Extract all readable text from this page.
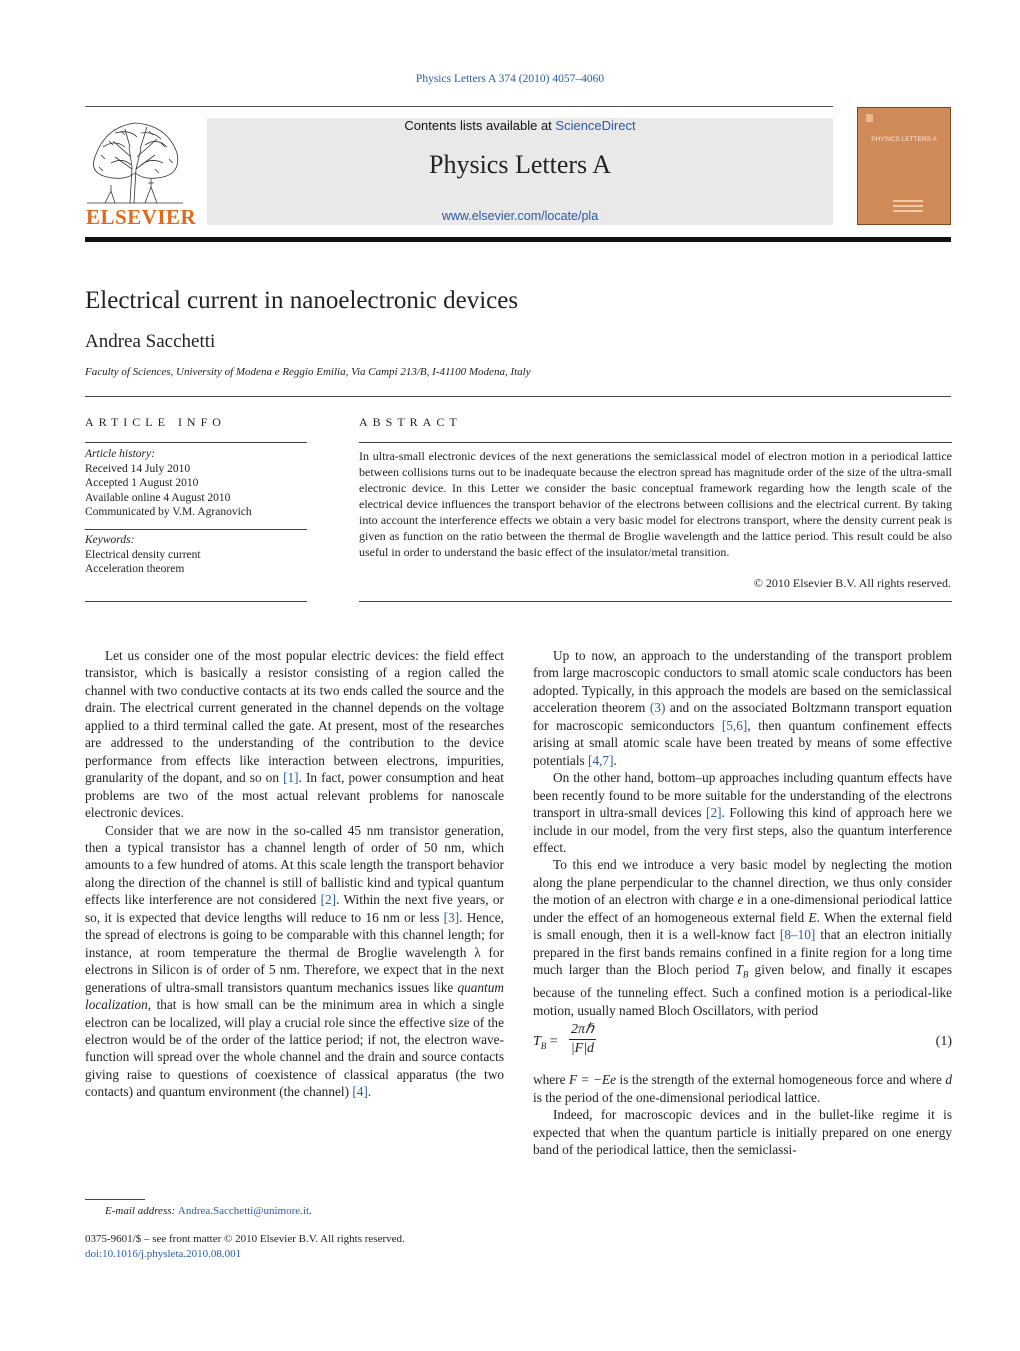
Physics Letters A 374 (2010) 4057–4060
ELSEVIER
Contents lists available at ScienceDirect
Physics Letters A
www.elsevier.com/locate/pla
PHYSICS LETTERS A
Electrical current in nanoelectronic devices
Andrea Sacchetti
Faculty of Sciences, University of Modena e Reggio Emilia, Via Campi 213/B, I-41100 Modena, Italy
ARTICLE INFO
Article history:
Received 14 July 2010
Accepted 1 August 2010
Available online 4 August 2010
Communicated by V.M. Agranovich
Keywords:
Electrical density current
Acceleration theorem
ABSTRACT
In ultra-small electronic devices of the next generations the semiclassical model of electron motion in a periodical lattice between collisions turns out to be inadequate because the electron spread has magnitude order of the size of the ultra-small electronic device. In this Letter we consider the basic conceptual framework regarding how the length scale of the electrical device influences the transport behavior of the electrons between collisions and the electrical current. By taking into account the interference effects we obtain a very basic model for electrons transport, where the density current peak is given as function on the ratio between the thermal de Broglie wavelength and the lattice period. This result could be also useful in order to understand the basic effect of the insulator/metal transition.
© 2010 Elsevier B.V. All rights reserved.

Let us consider one of the most popular electric devices: the field effect transistor, which is basically a resistor consisting of a region called the channel with two conductive contacts at its two ends called the source and the drain. The electrical current generated in the channel depends on the voltage applied to a third terminal called the gate. At present, most of the researches are addressed to the understanding of the contribution to the device performance from effects like interaction between electrons, impurities, granularity of the dopant, and so on [1]. In fact, power consumption and heat problems are two of the most actual relevant problems for nanoscale electronic devices.

Consider that we are now in the so-called 45 nm transistor generation, then a typical transistor has a channel length of order of 50 nm, which amounts to a few hundred of atoms. At this scale length the transport behavior along the direction of the channel is still of ballistic kind and typical quantum effects like interference are not considered [2]. Within the next five years, or so, it is expected that device lengths will reduce to 16 nm or less [3]. Hence, the spread of electrons is going to be comparable with this channel length; for instance, at room temperature the thermal de Broglie wavelength λ for electrons in Silicon is of order of 5 nm. Therefore, we expect that in the next generations of ultra-small transistors quantum mechanics issues like quantum localization, that is how small can be the minimum area in which a single electron can be localized, will play a crucial role since the effective size of the electron would be of the order of the lattice period; if not, the electron wave-function will spread over the whole channel and the drain and source contacts giving raise to questions of coexistence of classical apparatus (the two contacts) and quantum environment (the channel) [4].

Up to now, an approach to the understanding of the transport problem from large macroscopic conductors to small atomic scale conductors has been adopted. Typically, in this approach the models are based on the semiclassical acceleration theorem (3) and on the associated Boltzmann transport equation for macroscopic semiconductors [5,6], then quantum confinement effects arising at small atomic scale have been treated by means of some effective potentials [4,7].

On the other hand, bottom–up approaches including quantum effects have been recently found to be more suitable for the understanding of the electrons transport in ultra-small devices [2]. Following this kind of approach here we include in our model, from the very first steps, also the quantum interference effect.

To this end we introduce a very basic model by neglecting the motion along the plane perpendicular to the channel direction, we thus only consider the motion of an electron with charge e in a one-dimensional periodical lattice under the effect of an homogeneous external field E. When the external field is small enough, then it is a well-know fact [8–10] that an electron initially prepared in the first bands remains confined in a finite region for a long time much larger than the Bloch period $T_B$ given below, and finally it escapes because of the tunneling effect. Such a confined motion is a periodical-like motion, usually named Bloch Oscillators, with period

$T_B$ =
2πℏ
|F|d	(1)

where F = −Ee is the strength of the external homogeneous force and where d is the period of the one-dimensional periodical lattice.

Indeed, for macroscopic devices and in the bullet-like regime it is expected that when the quantum particle is initially prepared on one energy band of the periodical lattice, then the semiclassi-

E-mail address: Andrea.Sacchetti@unimore.it.
0375-9601/$ – see front matter © 2010 Elsevier B.V. All rights reserved.
doi:10.1016/j.physleta.2010.08.001
